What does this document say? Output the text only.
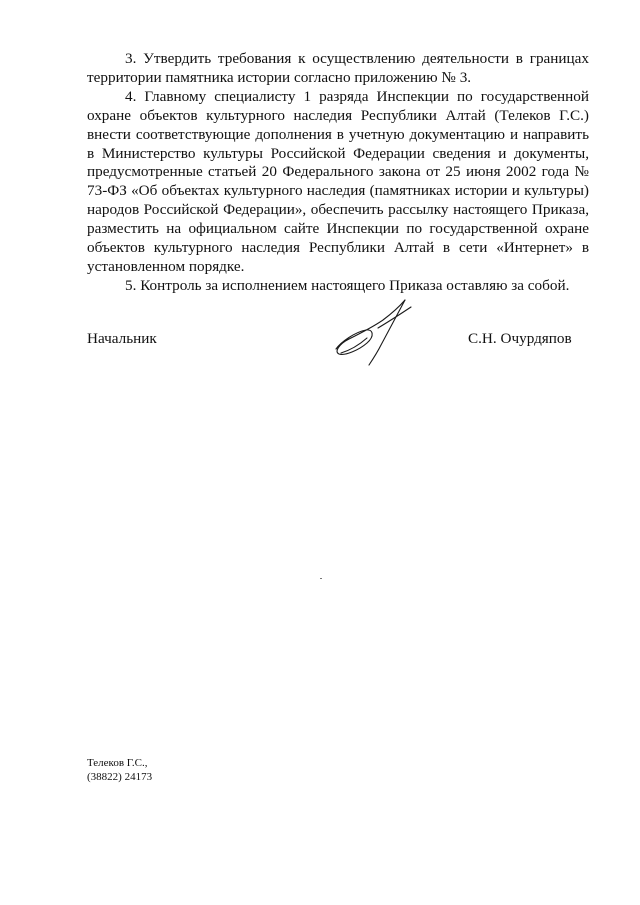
3. Утвердить требования к осуществлению деятельности в границах территории памятника истории согласно приложению № 3.

4. Главному специалисту 1 разряда Инспекции по государственной охране объектов культурного наследия Республики Алтай (Телеков Г.С.) внести соответствующие дополнения в учетную документацию и направить в Министерство культуры Российской Федерации сведения и документы, предусмотренные статьей 20 Федерального закона от 25 июня 2002 года № 73-ФЗ «Об объектах культурного наследия (памятниках истории и культуры) народов Российской Федерации», обеспечить рассылку настоящего Приказа, разместить на официальном сайте Инспекции по государственной охране объектов культурного наследия Республики Алтай в сети «Интернет» в установленном порядке.

5. Контроль за исполнением настоящего Приказа оставляю за собой.

Начальник	С.Н. Очурдяпов
Телеков Г.С.,
(38822) 24173
